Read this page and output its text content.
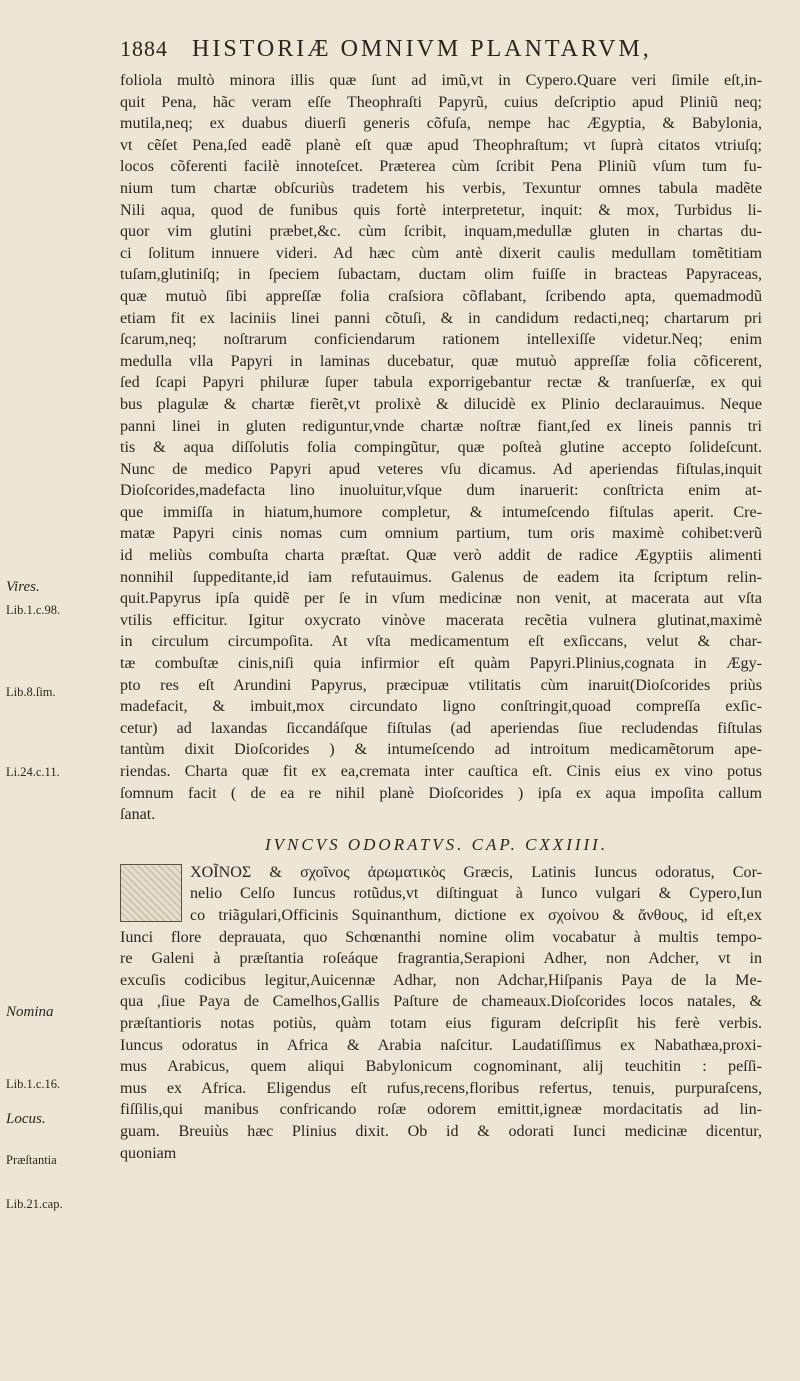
1884	HISTORIÆ OMNIVM PLANTARVM,
foliola multò minora illis quæ ſunt ad imũ,vt in Cypero.Quare veri ſimile eſt,in-
quit Pena, hãc veram eſſe Theophraſti Papyrũ, cuius deſcriptio apud Pliniũ neq;
mutila,neq; ex duabus diuerſi generis cõfuſa, nempe hac Ægyptia, & Babylonia,
vt cẽſet Pena,ſed eadẽ planè eſt quæ apud Theophraſtum; vt ſuprà citatos vtriuſq;
locos cõferenti facilè innoteſcet. Præterea cùm ſcribit Pena Pliniũ vſum tum fu-
nium tum chartæ obſcuriùs tradetem his verbis, Texuntur omnes tabula madẽte
Nili aqua, quod de funibus quis fortè interpretetur, inquit: & mox, Turbidus li-
quor vim glutini præbet,&c. cùm ſcribit, inquam,medullæ gluten in chartas du-
ci ſolitum innuere videri. Ad hæc cùm antè dixerit caulis medullam tomẽtitiam
tuſam,glutiniſq; in ſpeciem ſubactam, ductam olim fuiſſe in bracteas Papyraceas,
quæ mutuò ſibi appreſſæ folia craſsiora cõflabant, ſcribendo apta, quemadmodũ
etiam fit ex laciniis linei panni cõtuſi, & in candidum redacti,neq; chartarum pri
ſcarum,neq; noſtrarum conficiendarum rationem intellexiſſe videtur.Neq; enim
medulla vlla Papyri in laminas ducebatur, quæ mutuò appreſſæ folia cõficerent,
ſed ſcapi Papyri philuræ ſuper tabula exporrigebantur rectæ & tranſuerſæ, ex qui
bus plagulæ & chartæ fierẽt,vt prolixè & dilucidè ex Plinio declarauimus. Neque
panni linei in gluten rediguntur,vnde chartæ noſtræ fiant,ſed ex lineis pannis tri
tis & aqua diſſolutis folia compingũtur, quæ poſteà glutine accepto ſolideſcunt.
Nunc de medico Papyri apud veteres vſu dicamus. Ad aperiendas fiſtulas,inquit
Dioſcorides,madefacta lino inuoluitur,vſque dum inaruerit: conſtricta enim at-
que immiſſa in hiatum,humore completur, & intumeſcendo fiſtulas aperit. Cre-
matæ Papyri cinis nomas cum omnium partium, tum oris maximè cohibet:verũ
id meliùs combuſta charta præſtat. Quæ verò addit de radice Ægyptiis alimenti
nonnihil ſuppeditante,id iam refutauimus. Galenus de eadem ita ſcriptum relin-
quit.Papyrus ipſa quidẽ per ſe in vſum medicinæ non venit, at macerata aut vſta
vtilis efficitur. Igitur oxycrato vinòve macerata recẽtia vulnera glutinat,maximè
in circulum circumpoſita. At vſta medicamentum eſt exſiccans, velut & char-
tæ combuſtæ cinis,niſi quia infirmior eſt quàm Papyri.Plinius,cognata in Ægy-
pto res eſt Arundini Papyrus, præcipuæ vtilitatis cùm inaruit(Dioſcorides priùs
madefacit, & imbuit,mox circundato ligno conſtringit,quoad compreſſa exſic-
cetur) ad laxandas ſiccandáſque fiſtulas (ad aperiendas ſiue recludendas fiſtulas
tantùm dixit Dioſcorides ) & intumeſcendo ad introitum medicamẽtorum ape-
riendas. Charta quæ fit ex ea,cremata inter cauſtica eſt. Cinis eius ex vino potus
ſomnum facit ( de ea re nihil planè Dioſcorides ) ipſa ex aqua impoſita callum
ſanat.
IVNCVS ODORATVS. CAP. CXXIIII.
XOĨNOΣ & σχοῖνος ἀρωματικὸς Græcis, Latinis Iuncus odoratus, Cor-
nelio Celſo Iuncus rotũdus,vt diſtinguat à Iunco vulgari & Cypero,Iun
co triãgulari,Officinis Squinanthum, dictione ex σχοίνου & ἄνθους, id eſt,ex
Iunci flore deprauata, quo Schœnanthi nomine olim vocabatur à multis tempo-
re Galeni à præſtantia roſeáque fragrantia,Serapioni Adher, non Adcher, vt in
excuſis codicibus legitur,Auicennæ Adhar, non Adchar,Hiſpanis Paya de la Me-
qua ,ſiue Paya de Camelhos,Gallis Paſture de chameaux.Dioſcorides locos natales, &
præſtantioris notas potiùs, quàm totam eius figuram deſcripſit his ferè verbis.
Iuncus odoratus in Africa & Arabia naſcitur. Laudatiſſimus ex Nabathæa,proxi-
mus Arabicus, quem aliqui Babylonicum cognominant, alij teuchitin : peſſi-
mus ex Africa. Eligendus eſt rufus,recens,floribus refertus, tenuis, purpuraſcens,
fiſſilis,qui manibus confricando roſæ odorem emittit,igneæ mordacitatis ad lin-
guam. Breuiùs hæc Plinius dixit. Ob id & odorati Iunci medicinæ dicentur,
quoniam
Vires.
Lib.1.c.98.
Lib.8.ſim.
Li.24.c.11.
Nomina
Lib.1.c.16.
Locus.
Præſtantia
Lib.21.cap.
